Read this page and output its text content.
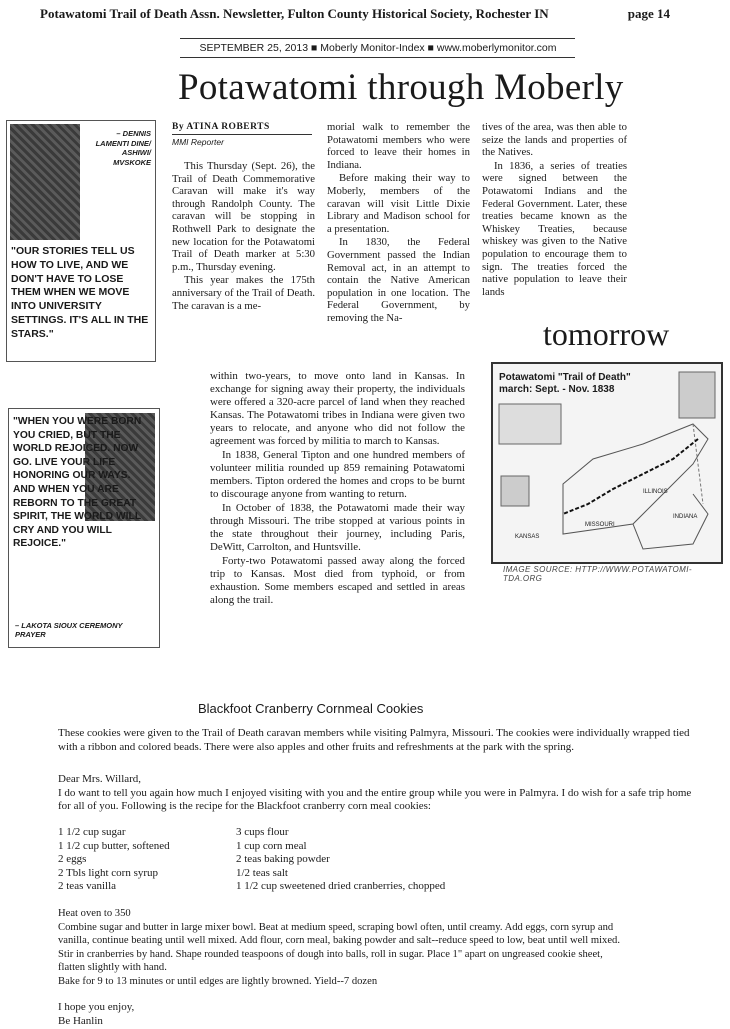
Potawatomi Trail of Death Assn. Newsletter, Fulton County Historical Society, Rochester IN	page 14
SEPTEMBER 25, 2013 ■ Moberly Monitor-Index ■ www.moberlymonitor.com
Potawatomi through Moberly
– DENNIS LAMENTI DINE/ ASHIWI/ MVSKOKE
"OUR STORIES TELL US HOW TO LIVE, AND WE DON'T HAVE TO LOSE THEM WHEN WE MOVE INTO UNIVERSITY SETTINGS. IT'S ALL IN THE STARS."
By ATINA ROBERTS
MMI Reporter

This Thursday (Sept. 26), the Trail of Death Commemorative Caravan will make it's way through Randolph County. The caravan will be stopping in Rothwell Park to designate the new location for the Potawatomi Trail of Death marker at 5:30 p.m., Thursday evening.

This year makes the 175th anniversary of the Trail of Death. The caravan is a me-

morial walk to remember the Potawatomi members who were forced to leave their homes in Indiana.

Before making their way to Moberly, members of the caravan will visit Little Dixie Library and Madison school for a presentation.

In 1830, the Federal Government passed the Indian Removal act, in an attempt to contain the Native American population in one location. The Federal Government, by removing the Na-

tives of the area, was then able to seize the lands and properties of the Natives.

In 1836, a series of treaties were signed between the Potawatomi Indians and the Federal Government. Later, these treaties became known as the Whiskey Treaties, because whiskey was given to the Native population to encourage them to sign. The treaties forced the native population to leave their lands

tomorrow
"WHEN YOU WERE BORN YOU CRIED, BUT THE WORLD REJOICED. NOW GO. LIVE YOUR LIFE HONORING OUR WAYS. AND WHEN YOU ARE REBORN TO THE GREAT SPIRIT, THE WORLD WILL CRY AND YOU WILL REJOICE."
– LAKOTA SIOUX CEREMONY PRAYER

within two-years, to move onto land in Kansas. In exchange for signing away their property, the individuals were offered a 320-acre parcel of land when they reached Kansas. The Potawatomi tribes in Indiana were given two years to relocate, and anyone who did not follow the agreement was forced by militia to march to Kansas.

In 1838, General Tipton and one hundred members of volunteer militia rounded up 859 remaining Potawatomi members. Tipton ordered the homes and crops to be burnt to discourage anyone from wanting to return.

In October of 1838, the Potawatomi made their way through Missouri. The tribe stopped at various points in the state throughout their journey, including Paris, DeWitt, Carrolton, and Huntsville.

Forty-two Potawatomi passed away along the forced trip to Kansas. Most died from typhoid, or from exhaustion. Some members escaped and settled in areas along the trail.

Potawatomi "Trail of Death"
march: Sept. - Nov. 1838
INDIANA
MISSOURI
ILLINOIS
KANSAS
IMAGE SOURCE: HTTP://WWW.POTAWATOMI-TDA.ORG
Blackfoot Cranberry Cornmeal Cookies

These cookies were given to the Trail of Death caravan members while visiting Palmyra, Missouri. The cookies were individually wrapped tied with a ribbon and colored beads. There were also apples and other fruits and refreshments at the park with the spring.

Dear Mrs. Willard,

I do want to tell you again how much I enjoyed visiting with you and the entire group while you were in Palmyra. I do wish for a safe trip home for all of you. Following is the recipe for the Blackfoot cranberry corn meal cookies:

1 1/2 cup sugar

1 1/2 cup butter, softened

2 eggs

2 Tbls light corn syrup

2 teas vanilla

3 cups flour

1 cup corn meal

2 teas baking powder

1/2 teas salt

1 1/2 cup sweetened dried cranberries, chopped

Heat oven to 350

Combine sugar and butter in large mixer bowl. Beat at medium speed, scraping bowl often, until creamy. Add eggs, corn syrup and

vanilla, continue beating until well mixed. Add flour, corn meal, baking powder and salt--reduce speed to low, beat until well mixed.

Stir in cranberries by hand. Shape rounded teaspoons of dough into balls, roll in sugar. Place 1" apart on ungreased cookie sheet,

flatten slightly with hand.

Bake for 9 to 13 minutes or until edges are lightly browned. Yield--7 dozen

I hope you enjoy,

Be Hanlin
